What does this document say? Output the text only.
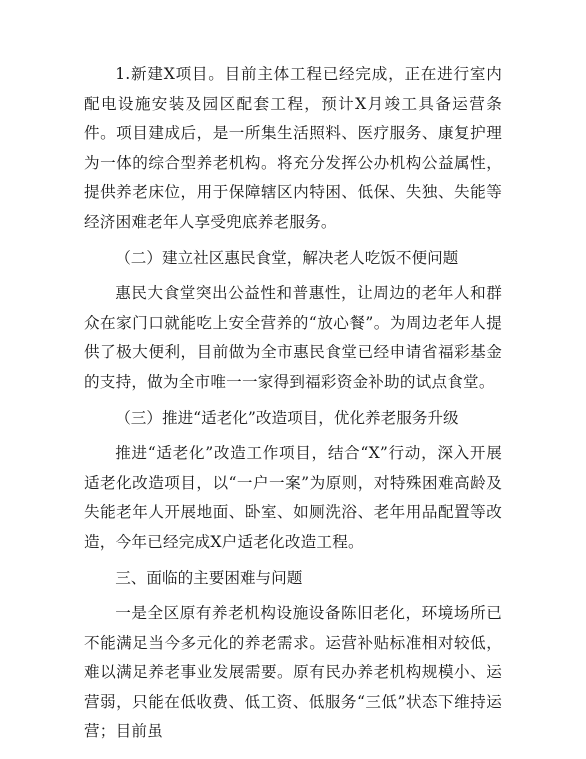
1.新建X项目。目前主体工程已经完成，正在进行室内配电设施安装及园区配套工程，预计X月竣工具备运营条件。项目建成后，是一所集生活照料、医疗服务、康复护理为一体的综合型养老机构。将充分发挥公办机构公益属性，提供养老床位，用于保障辖区内特困、低保、失独、失能等经济困难老年人享受兜底养老服务。

（二）建立社区惠民食堂，解决老人吃饭不便问题

惠民大食堂突出公益性和普惠性，让周边的老年人和群众在家门口就能吃上安全营养的“放心餐”。为周边老年人提供了极大便利，目前做为全市惠民食堂已经申请省福彩基金的支持，做为全市唯一一家得到福彩资金补助的试点食堂。

（三）推进“适老化”改造项目，优化养老服务升级

推进“适老化”改造工作项目，结合“X”行动，深入开展适老化改造项目，以“一户一案”为原则，对特殊困难高龄及失能老年人开展地面、卧室、如厕洗浴、老年用品配置等改造，今年已经完成X户适老化改造工程。

三、面临的主要困难与问题

一是全区原有养老机构设施设备陈旧老化，环境场所已不能满足当今多元化的养老需求。运营补贴标准相对较低，难以满足养老事业发展需要。原有民办养老机构规模小、运营弱，只能在低收费、低工资、低服务“三低”状态下维持运营；目前虽
